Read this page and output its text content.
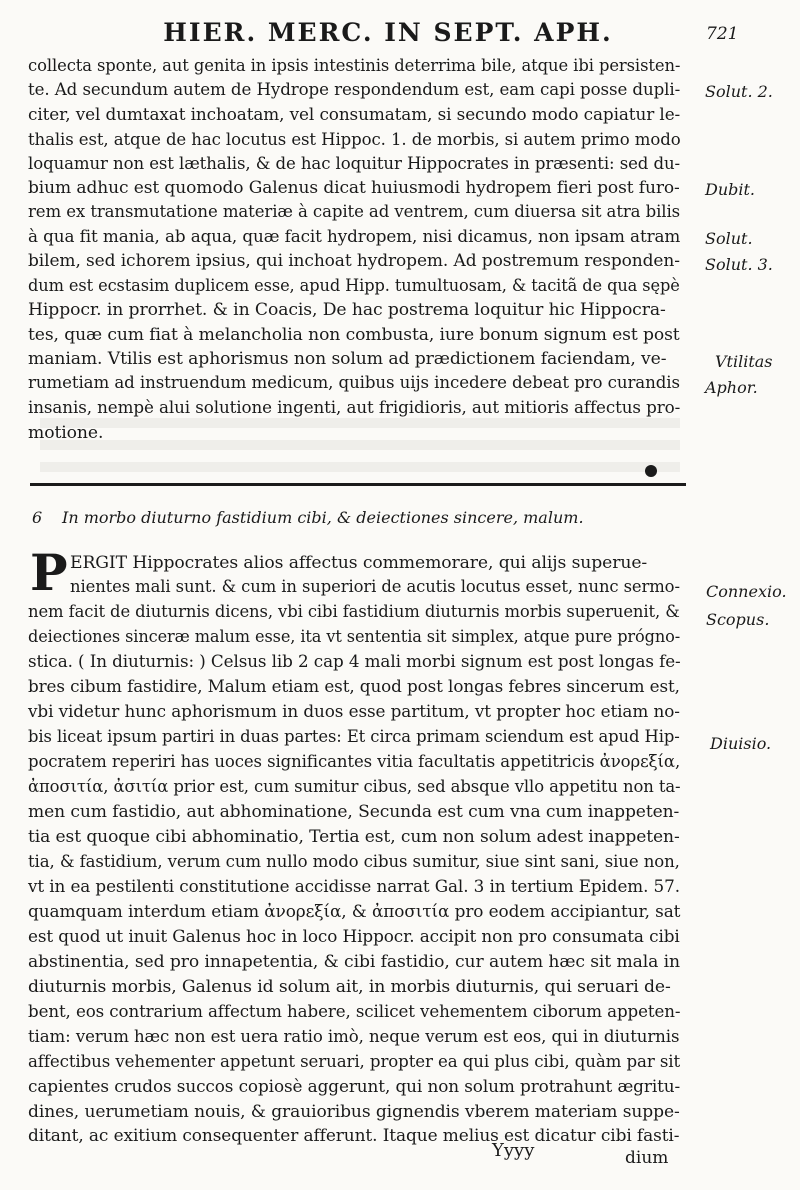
HIER. MERC. IN SEPT. APH.	721
collecta sponte, aut genita in ipsis intestinis deterrima bile, atque ibi persisten-
te. Ad secundum autem de Hydrope respondendum est, eam capi posse dupli-
citer, vel dumtaxat inchoatam, vel consumatam, si secundo modo capiatur le-
thalis est, atque de hac locutus est Hippoc. 1. de morbis, si autem primo modo
loquamur non est læthalis, & de hac loquitur Hippocrates in præsenti: sed du-
bium adhuc est quomodo Galenus dicat huiusmodi hydropem fieri post furo-
rem ex transmutatione materiæ à capite ad ventrem, cum diuersa sit atra bilis
à qua fit mania, ab aqua, quæ facit hydropem, nisi dicamus, non ipsam atram
bilem, sed ichorem ipsius, qui inchoat hydropem. Ad postremum responden-
dum est ecstasim duplicem esse, apud Hipp. tumultuosam, & tacitã de qua sępè
Hippocr. in prorrhet. & in Coacis, De hac postrema loquitur hic Hippocra-
tes, quæ cum fiat à melancholia non combusta, iure bonum signum est post
maniam. Vtilis est aphorismus non solum ad prædictionem faciendam, ve-
rumetiam ad instruendum medicum, quibus uijs incedere debeat pro curandis
insanis, nempè alui solutione ingenti, aut frigidioris, aut mitioris affectus pro-
motione.
Solut. 2.
Dubit.
Solut.
Solut. 3.
Vtilitas
Aphor.
6 In morbo diuturno fastidium cibi, & deiectiones sincere, malum.
P ERGIT Hippocrates alios affectus commemorare, qui alijs superue-
nientes mali sunt. & cum in superiori de acutis locutus esset, nunc sermo-
nem facit de diuturnis dicens, vbi cibi fastidium diuturnis morbis superuenit, &
deiectiones sinceræ malum esse, ita vt sententia sit simplex, atque pure prógno-
stica. ( In diuturnis: ) Celsus lib 2 cap 4 mali morbi signum est post longas fe-
bres cibum fastidire, Malum etiam est, quod post longas febres sincerum est,
vbi videtur hunc aphorismum in duos esse partitum, vt propter hoc etiam no-
bis liceat ipsum partiri in duas partes: Et circa primam sciendum est apud Hip-
pocratem reperiri has uoces significantes vitia facultatis appetitricis ἀνορεξία,
ἀποσιτία, ἀσιτία prior est, cum sumitur cibus, sed absque vllo appetitu non ta-
men cum fastidio, aut abhominatione, Secunda est cum vna cum inappeten-
tia est quoque cibi abhominatio, Tertia est, cum non solum adest inappeten-
tia, & fastidium, verum cum nullo modo cibus sumitur, siue sint sani, siue non,
vt in ea pestilenti constitutione accidisse narrat Gal. 3 in tertium Epidem. 57.
quamquam interdum etiam ἀνορεξία, & ἀποσιτία pro eodem accipiantur, sat
est quod ut inuit Galenus hoc in loco Hippocr. accipit non pro consumata cibi
abstinentia, sed pro innapetentia, & cibi fastidio, cur autem hæc sit mala in
diuturnis morbis, Galenus id solum ait, in morbis diuturnis, qui seruari de-
bent, eos contrarium affectum habere, scilicet vehementem ciborum appeten-
tiam: verum hæc non est uera ratio imò, neque verum est eos, qui in diuturnis
affectibus vehementer appetunt seruari, propter ea qui plus cibi, quàm par sit
capientes crudos succos copiosè aggerunt, qui non solum protrahunt ægritu-
dines, uerumetiam nouis, & grauioribus gignendis vberem materiam suppe-
ditant, ac exitium consequenter afferunt. Itaque melius est dicatur cibi fasti-
Connexio.
Scopus.
Diuisio.
Yyyy	dium
